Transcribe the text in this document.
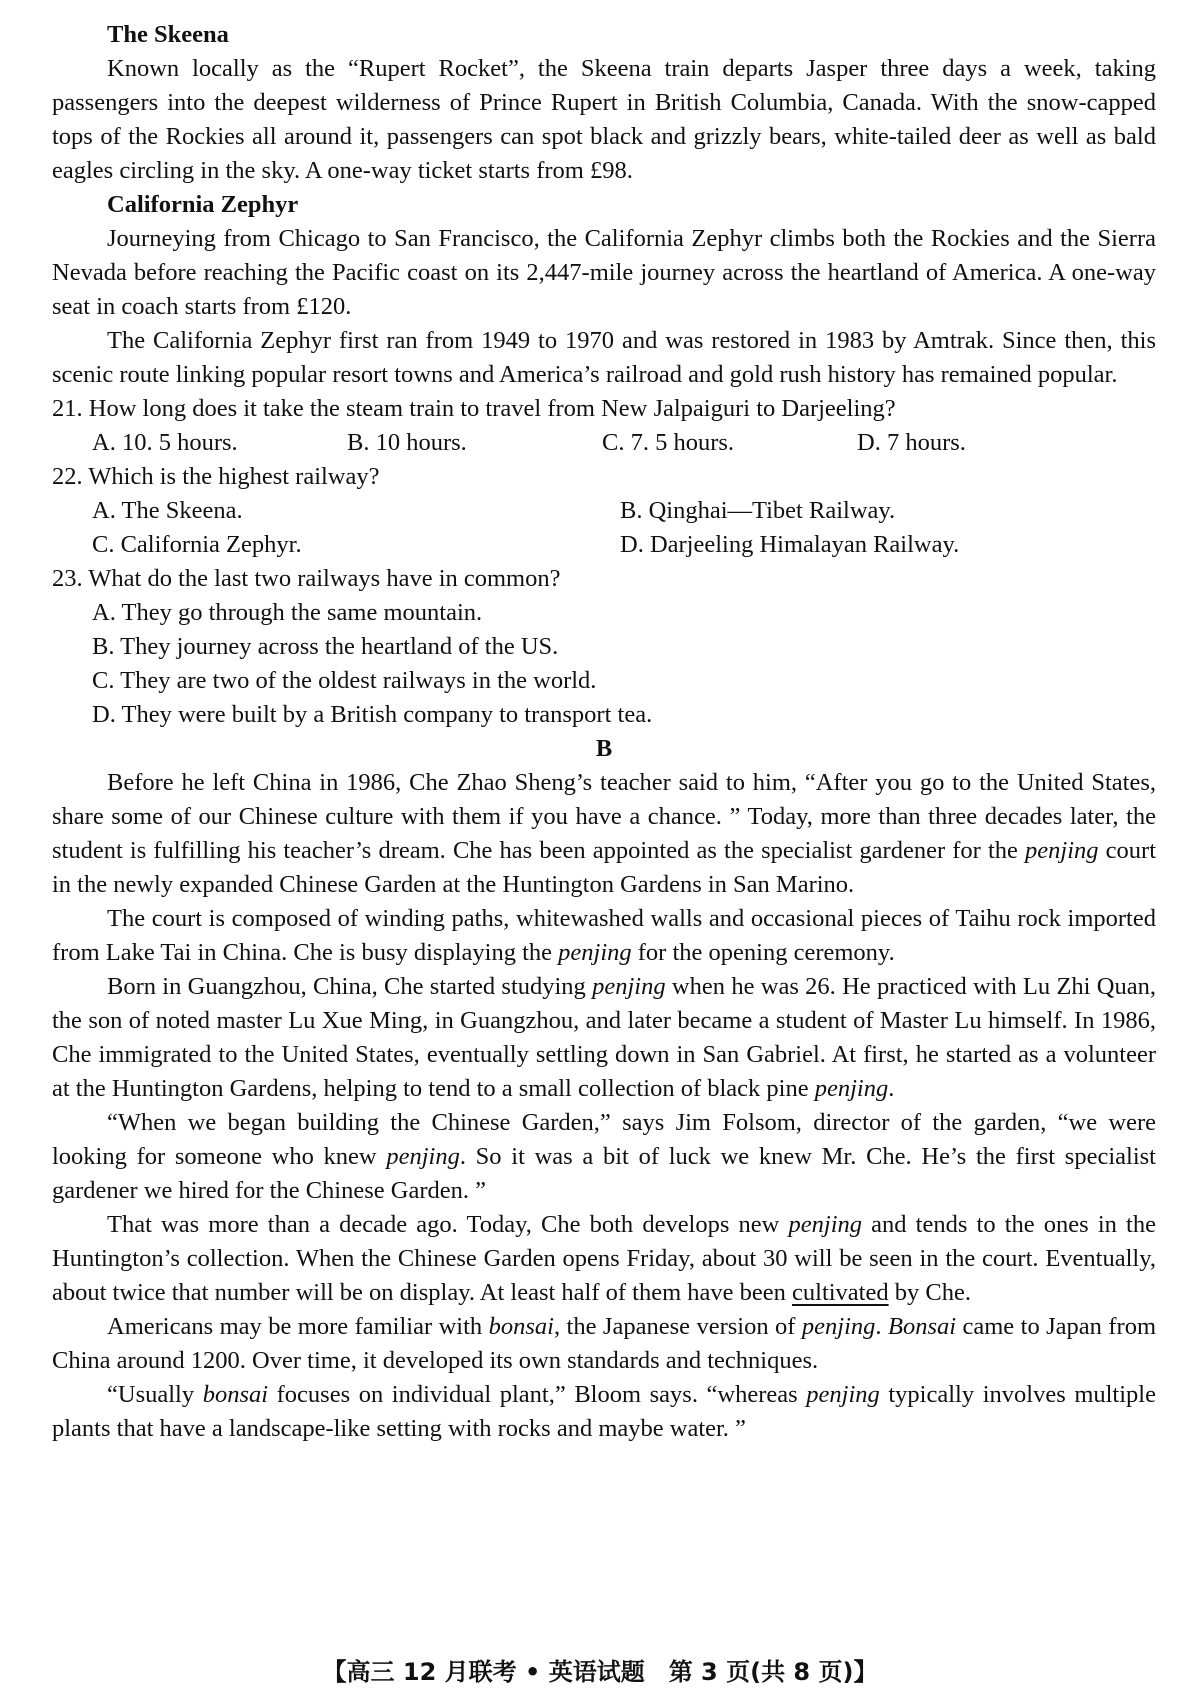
The Skeena

Known locally as the “Rupert Rocket”, the Skeena train departs Jasper three days a week, taking passengers into the deepest wilderness of Prince Rupert in British Columbia, Canada. With the snow-capped tops of the Rockies all around it, passengers can spot black and grizzly bears, white-tailed deer as well as bald eagles circling in the sky. A one-way ticket starts from £98.

California Zephyr

Journeying from Chicago to San Francisco, the California Zephyr climbs both the Rockies and the Sierra Nevada before reaching the Pacific coast on its 2,447-mile journey across the heartland of America. A one-way seat in coach starts from £120.

The California Zephyr first ran from 1949 to 1970 and was restored in 1983 by Amtrak. Since then, this scenic route linking popular resort towns and America’s railroad and gold rush history has remained popular.

21. How long does it take the steam train to travel from New Jalpaiguri to Darjeeling?
A. 10. 5 hours.	B. 10 hours.	C. 7. 5 hours.	D. 7 hours.
22. Which is the highest railway?
A. The Skeena.	B. Qinghai—Tibet Railway.
C. California Zephyr.	D. Darjeeling Himalayan Railway.
23. What do the last two railways have in common?
A. They go through the same mountain.
B. They journey across the heartland of the US.
C. They are two of the oldest railways in the world.
D. They were built by a British company to transport tea.
B

Before he left China in 1986, Che Zhao Sheng’s teacher said to him, “After you go to the United States, share some of our Chinese culture with them if you have a chance. ” Today, more than three decades later, the student is fulfilling his teacher’s dream. Che has been appointed as the specialist gardener for the penjing court in the newly expanded Chinese Garden at the Huntington Gardens in San Marino.

The court is composed of winding paths, whitewashed walls and occasional pieces of Taihu rock imported from Lake Tai in China. Che is busy displaying the penjing for the opening ceremony.

Born in Guangzhou, China, Che started studying penjing when he was 26. He practiced with Lu Zhi Quan, the son of noted master Lu Xue Ming, in Guangzhou, and later became a student of Master Lu himself. In 1986, Che immigrated to the United States, eventually settling down in San Gabriel. At first, he started as a volunteer at the Huntington Gardens, helping to tend to a small collection of black pine penjing.

“When we began building the Chinese Garden,” says Jim Folsom, director of the garden, “we were looking for someone who knew penjing. So it was a bit of luck we knew Mr. Che. He’s the first specialist gardener we hired for the Chinese Garden. ”

That was more than a decade ago. Today, Che both develops new penjing and tends to the ones in the Huntington’s collection. When the Chinese Garden opens Friday, about 30 will be seen in the court. Eventually, about twice that number will be on display. At least half of them have been cultivated by Che.

Americans may be more familiar with bonsai, the Japanese version of penjing. Bonsai came to Japan from China around 1200. Over time, it developed its own standards and techniques.

“Usually bonsai focuses on individual plant,” Bloom says. “whereas penjing typically involves multiple plants that have a landscape-like setting with rocks and maybe water. ”

【高三 12 月联考 • 英语试题　第 3 页(共 8 页)】
